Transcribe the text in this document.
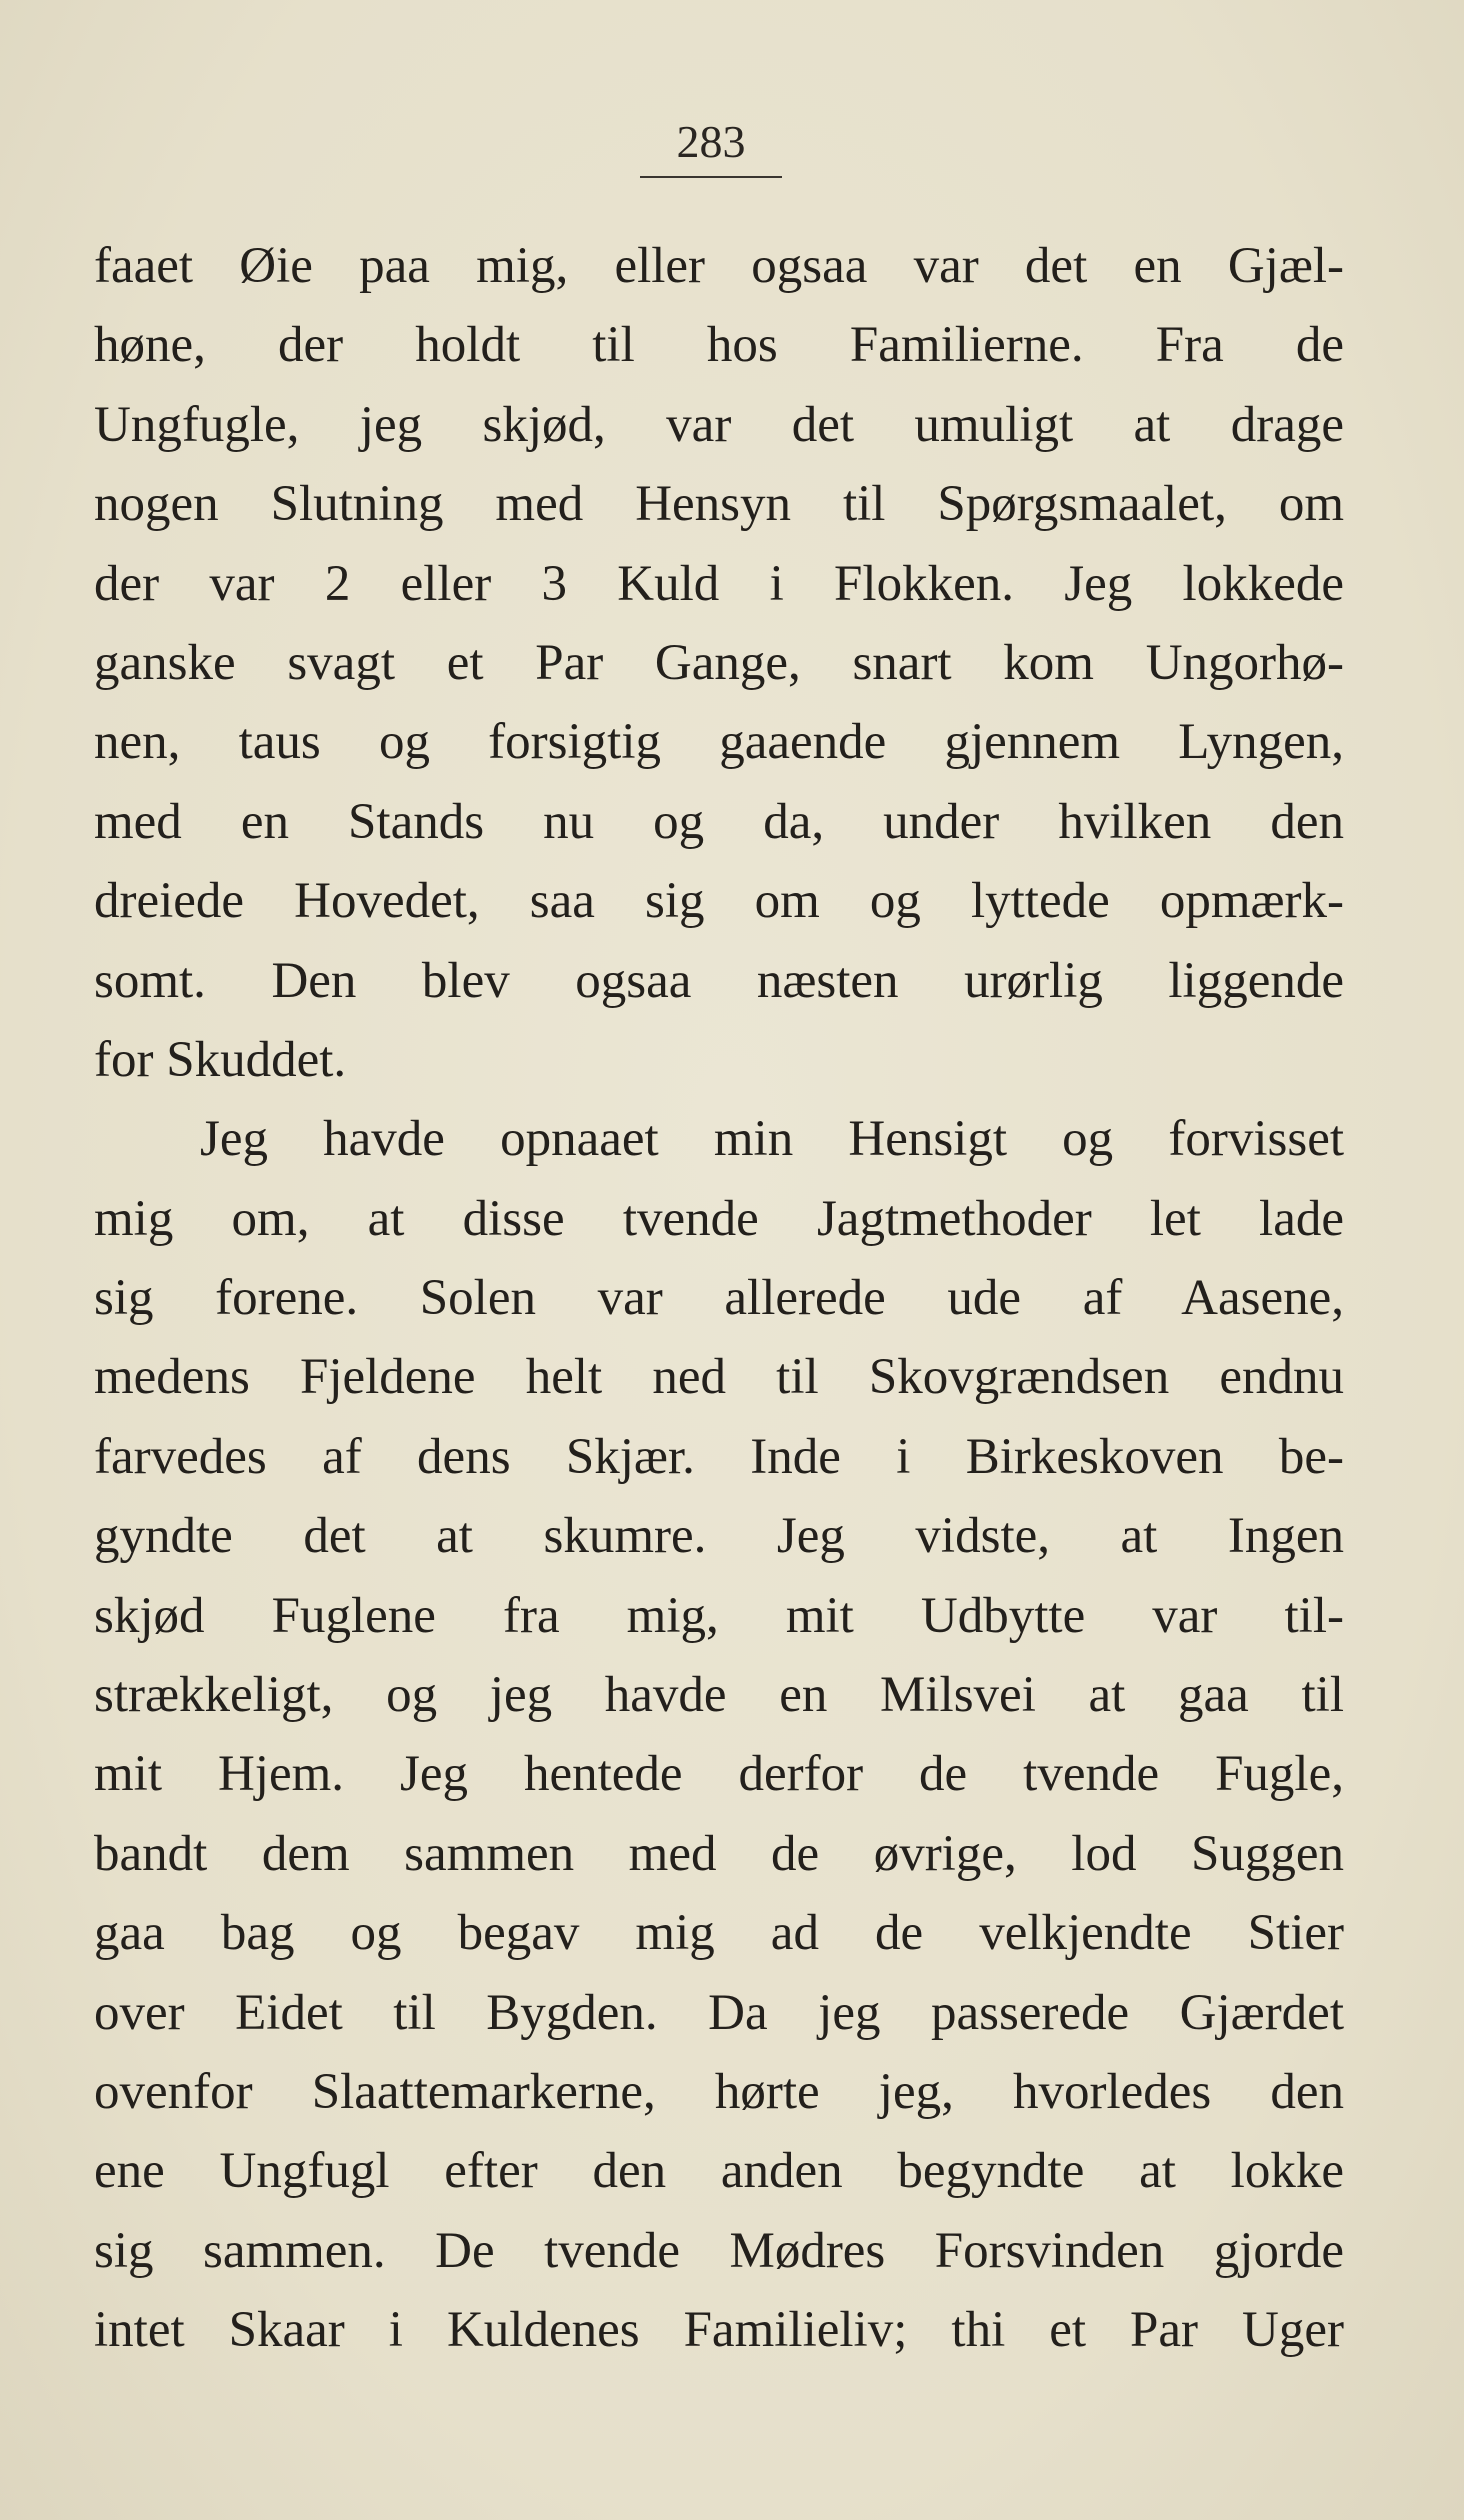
283
faaet Øie paa mig, eller ogsaa var det en Gjæl-
høne, der holdt til hos Familierne. Fra de
Ungfugle, jeg skjød, var det umuligt at drage
nogen Slutning med Hensyn til Spørgsmaalet, om
der var 2 eller 3 Kuld i Flokken. Jeg lokkede
ganske svagt et Par Gange, snart kom Ungorhø-
nen, taus og forsigtig gaaende gjennem Lyngen,
med en Stands nu og da, under hvilken den
dreiede Hovedet, saa sig om og lyttede opmærk-
somt. Den blev ogsaa næsten urørlig liggende
for Skuddet.
Jeg havde opnaaet min Hensigt og forvisset
mig om, at disse tvende Jagtmethoder let lade
sig forene. Solen var allerede ude af Aasene,
medens Fjeldene helt ned til Skovgrændsen endnu
farvedes af dens Skjær. Inde i Birkeskoven be-
gyndte det at skumre. Jeg vidste, at Ingen
skjød Fuglene fra mig, mit Udbytte var til-
strækkeligt, og jeg havde en Milsvei at gaa til
mit Hjem. Jeg hentede derfor de tvende Fugle,
bandt dem sammen med de øvrige, lod Suggen
gaa bag og begav mig ad de velkjendte Stier
over Eidet til Bygden. Da jeg passerede Gjærdet
ovenfor Slaattemarkerne, hørte jeg, hvorledes den
ene Ungfugl efter den anden begyndte at lokke
sig sammen. De tvende Mødres Forsvinden gjorde
intet Skaar i Kuldenes Familieliv; thi et Par Uger
